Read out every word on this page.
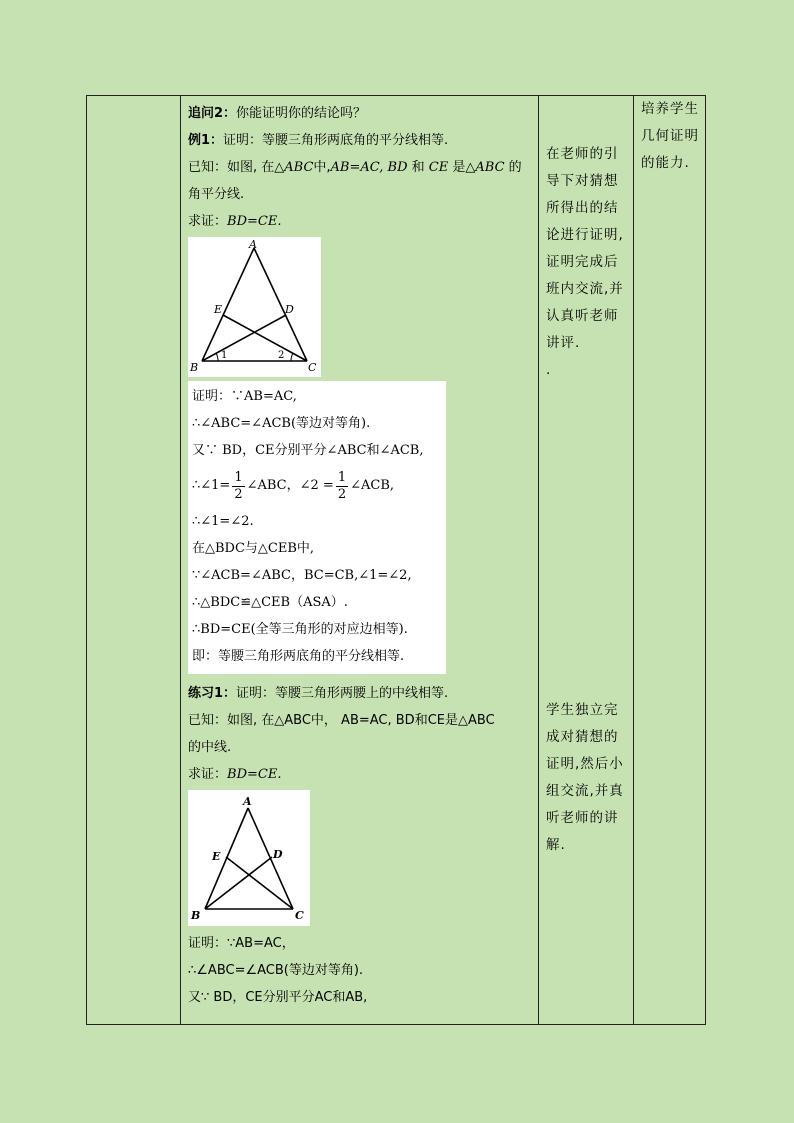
追问2：你能证明你的结论吗？
例1：证明：等腰三角形两底角的平分线相等.
已知：如图, 在△ABC中,AB=AC, BD 和 CE 是△ABC 的
角平分线.
求证：BD=CE.
A
B	C
D
E
1	2
证明：∵AB=AC,
∴∠ABC=∠ACB(等边对等角).
又∵ BD，CE分别平分∠ABC和∠ACB,
∴∠1= $\frac{1}{2}$ ∠ABC，∠2 = $\frac{1}{2}$ ∠ACB,
∴∠1=∠2.
在△BDC与△CEB中,
∵∠ACB=∠ABC，BC=CB,∠1=∠2,
∴△BDC≌△CEB（ASA）.
∴BD=CE(全等三角形的对应边相等).
即：等腰三角形两底角的平分线相等.
练习1：证明：等腰三角形两腰上的中线相等.
已知：如图, 在△ABC中， AB=AC, BD和CE是△ABC
的中线.
求证：BD=CE.
A
B	C
D
E
证明：∵AB=AC，
∴∠ABC=∠ACB(等边对等角).
又∵ BD，CE分别平分AC和AB,
在老师的引
导下对猜想
所得出的结
论进行证明,
证明完成后
班内交流,并
认真听老师
讲评.
.
学生独立完
成对猜想的
证明,然后小
组交流,并真
听老师的讲
解.
培养学生
几何证明
的能力.
